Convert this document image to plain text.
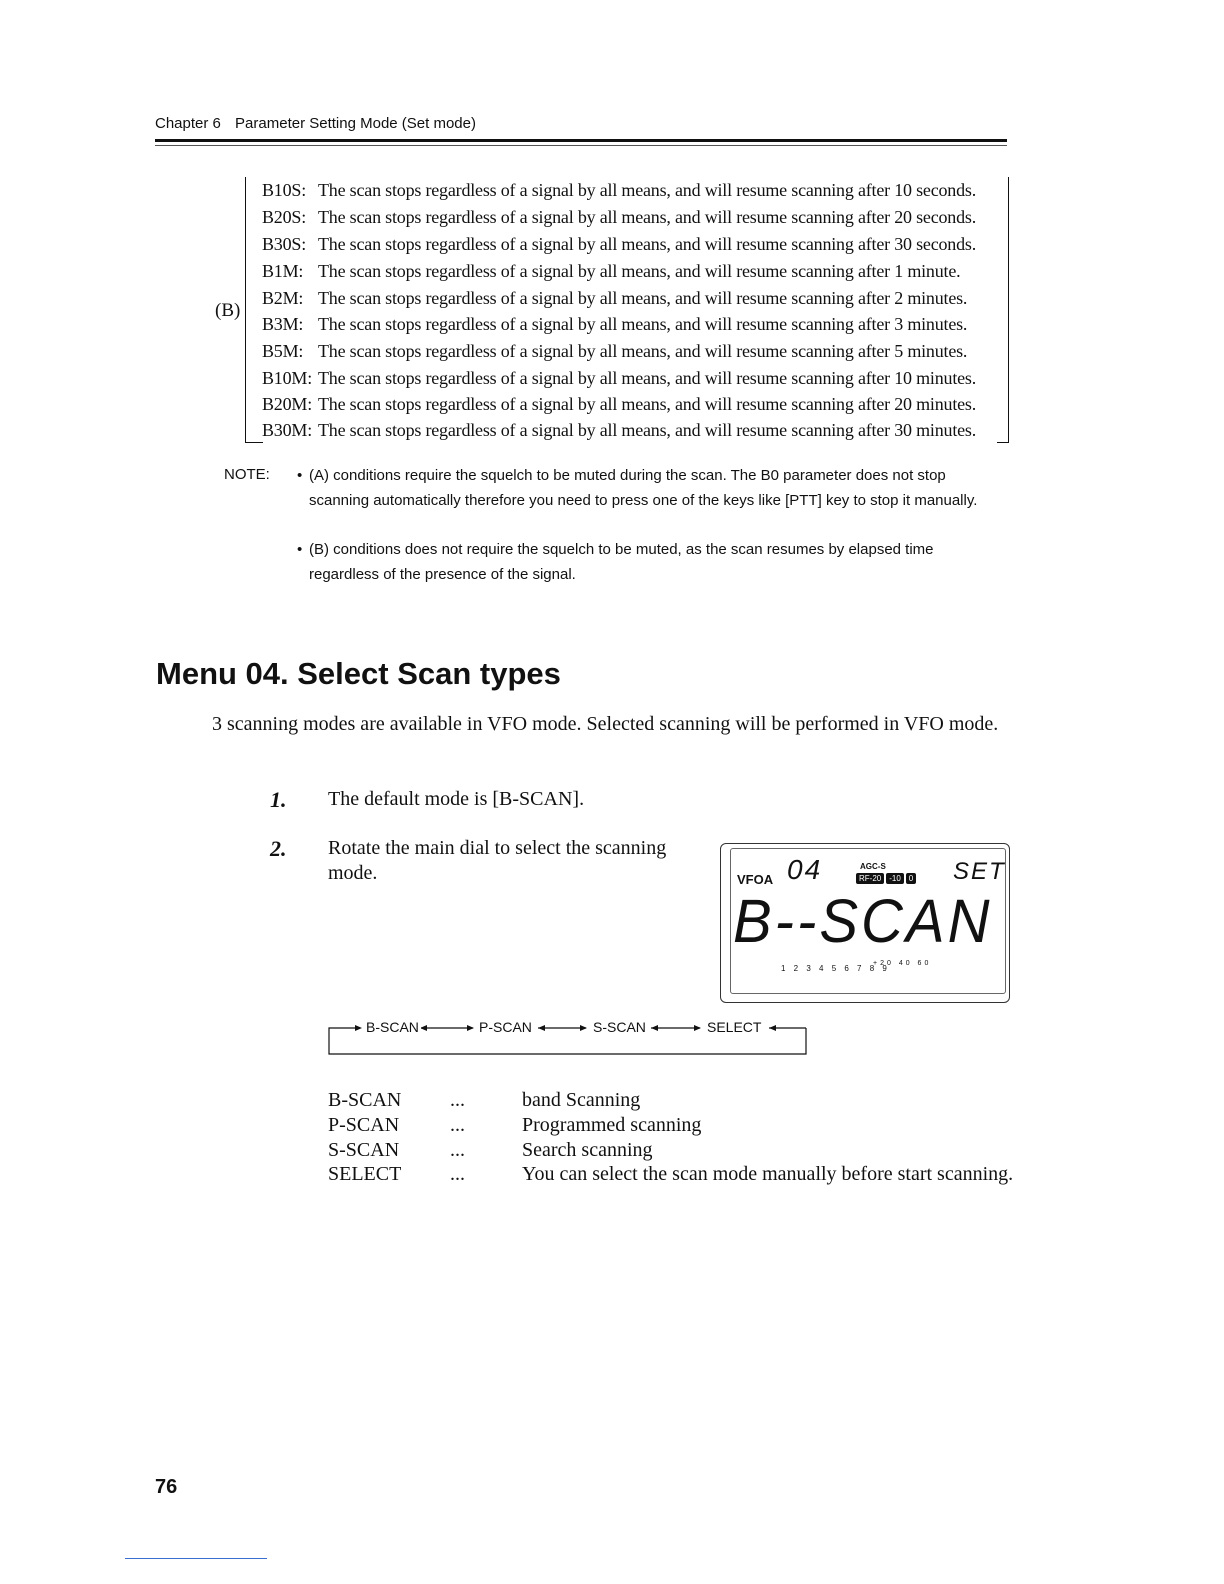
Chapter 6 Parameter Setting Mode (Set mode)
(B)
B10S: The scan stops regardless of a signal by all means, and will resume scanning after 10 seconds.
B20S: The scan stops regardless of a signal by all means, and will resume scanning after 20 seconds.
B30S: The scan stops regardless of a signal by all means, and will resume scanning after 30 seconds.
B1M: The scan stops regardless of a signal by all means, and will resume scanning after 1 minute.
B2M: The scan stops regardless of a signal by all means, and will resume scanning after 2 minutes.
B3M: The scan stops regardless of a signal by all means, and will resume scanning after 3 minutes.
B5M: The scan stops regardless of a signal by all means, and will resume scanning after 5 minutes.
B10M: The scan stops regardless of a signal by all means, and will resume scanning after 10 minutes.
B20M: The scan stops regardless of a signal by all means, and will resume scanning after 20 minutes.
B30M: The scan stops regardless of a signal by all means, and will resume scanning after 30 minutes.
NOTE: • (A) conditions require the squelch to be muted during the scan. The B0 parameter does not stop scanning automatically therefore you need to press one of the keys like [PTT] key to stop it manually.
• (B) conditions does not require the squelch to be muted, as the scan resumes by elapsed time regardless of the presence of the signal.
Menu 04. Select Scan types
3 scanning modes are available in VFO mode. Selected scanning will be performed in VFO mode.
1. The default mode is [B-SCAN].
2. Rotate the main dial to select the scanning
mode.	VFOA 04	AGC-S
RF-20	-10	0 SET
B--SCAN
1 2 3 4 5 6 7 8 9
+20 40 60
B-SCAN	P-SCAN	S-SCAN	SELECT
B-SCAN ...	band Scanning
P-SCAN	...	Programmed scanning
S-SCAN	...	Search scanning
SELECT ...	You can select the scan mode manually before start scanning.
76
